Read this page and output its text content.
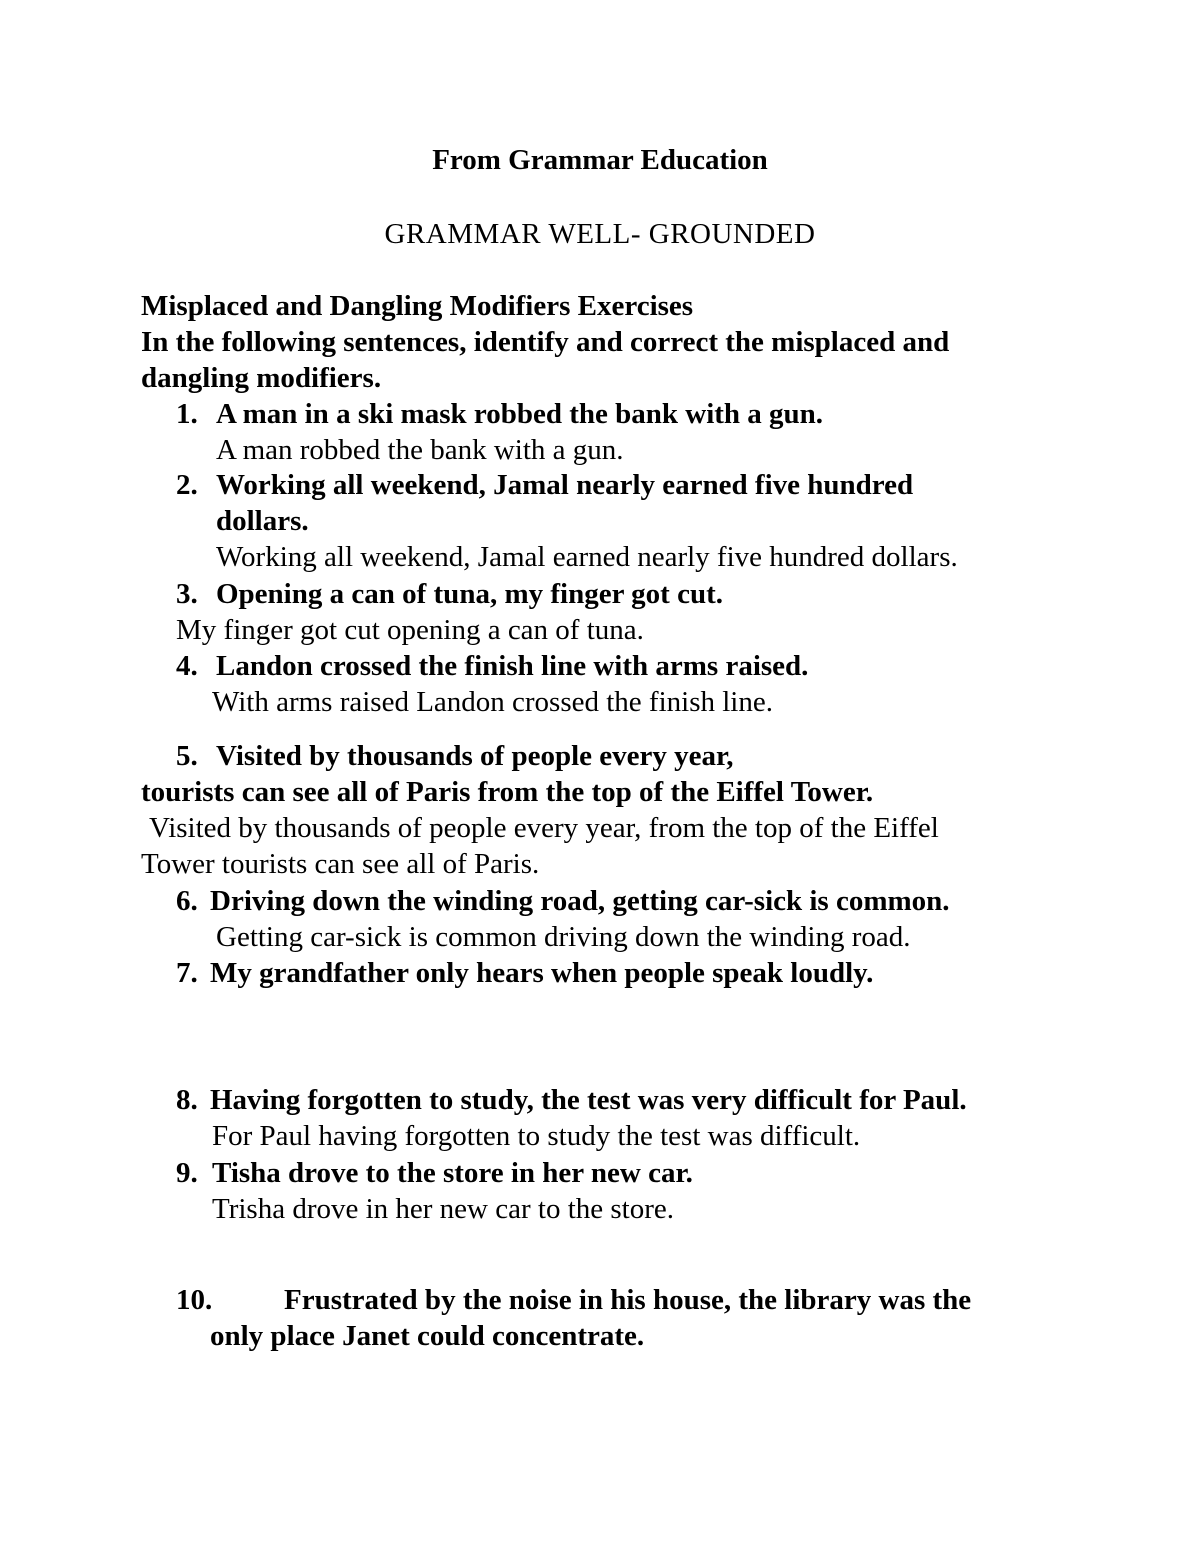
From Grammar Education
GRAMMAR WELL- GROUNDED
Misplaced and Dangling Modifiers Exercises
In the following sentences, identify and correct the misplaced and
dangling modifiers.
1. A man in a ski mask robbed the bank with a gun.
A man robbed the bank with a gun.
2. Working all weekend, Jamal nearly earned five hundred
dollars.
Working all weekend, Jamal earned nearly five hundred dollars.
3. Opening a can of tuna, my finger got cut.
My finger got cut opening a can of tuna.
4. Landon crossed the finish line with arms raised.
With arms raised Landon crossed the finish line.
5. Visited by thousands of people every year,
tourists can see all of Paris from the top of the Eiffel Tower.
Visited by thousands of people every year, from the top of the Eiffel
Tower tourists can see all of Paris.
6. Driving down the winding road, getting car-sick is common.
Getting car-sick is common driving down the winding road.
7. My grandfather only hears when people speak loudly.
8. Having forgotten to study, the test was very difficult for Paul.
For Paul having forgotten to study the test was difficult.
9. Tisha drove to the store in her new car.
Trisha drove in her new car to the store.
10. Frustrated by the noise in his house, the library was the
only place Janet could concentrate.
